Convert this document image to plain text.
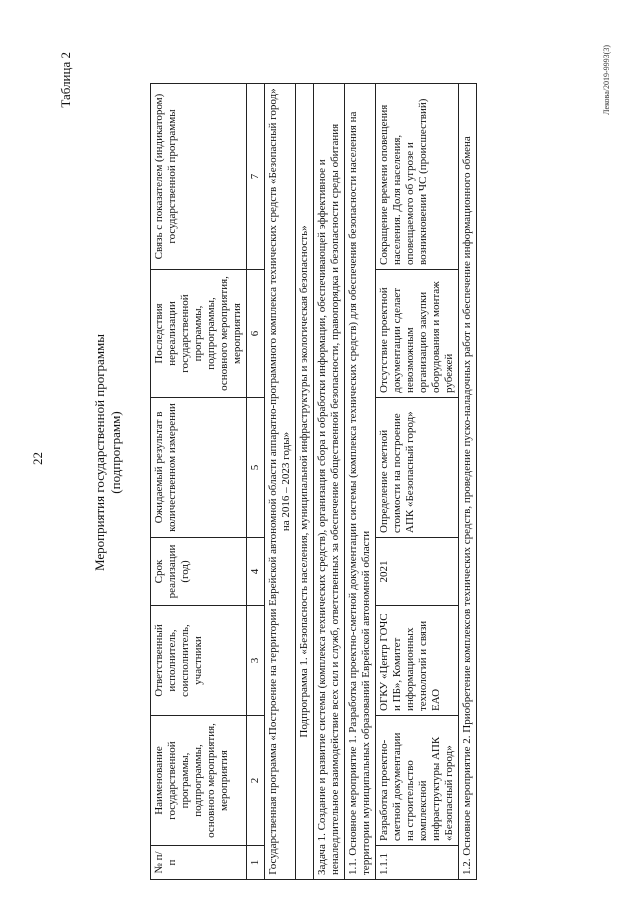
22
Таблица 2
Мероприятия государственной программы (подпрограмм)
№ п/п	Наименование государственной программы, подпрограммы, основного мероприятия, мероприятия	Ответственный исполнитель, соисполнитель, участники	Срок реализации (год)	Ожидаемый результат в количественном измерении	Последствия нереализации государственной программы, подпрограммы, основного мероприятия, мероприятия	Связь с показателем (индикатором) государственной программы
1	2	3	4	5	6	7
Государственная программа «Построение на территории Еврейской автономной области аппаратно-программного комплекса технических средств «Безопасный город» на 2016 – 2023 годы»						
Подпрограмма 1. «Безопасность населения, муниципальной инфраструктуры и экологическая безопасность»						
Задача 1. Создание и развитие системы (комплекса технических средств), организация сбора и обработки информации, обеспечивающей эффективное и неналедлительное взаимодействие всех сил и служб, ответственных за обеспечение общественной безопасности, правопорядка и безопасности среды обитания						
1.1. Основное мероприятие 1. Разработка проектно-сметной документации системы (комплекса технических средств) для обеспечения безопасности населения на территории муниципальных образований Еврейской автономной области						
1.1.1	Разработка проектно-сметной документации на строительство комплексной инфраструктуры АПК «Безопасный город»	ОГКУ «Центр ГОЧС и ПБ», Комитет информационных технологий и связи ЕАО	2021	Определение сметной стоимости на построение АПК «Безопасный город»	Отсутствие проектной документации сделает невозможным организацию закупки оборудования и монтаж рубежей	Сокращение времени оповещения населения. Доля населения, оповещаемого об угрозе и возникновении ЧС (происшествий)
1.2. Основное мероприятие 2. Приобретение комплексов технических средств, проведение пуско-наладочных работ и обеспечение информационного обмена						
Лекова/2019-9993(3)
